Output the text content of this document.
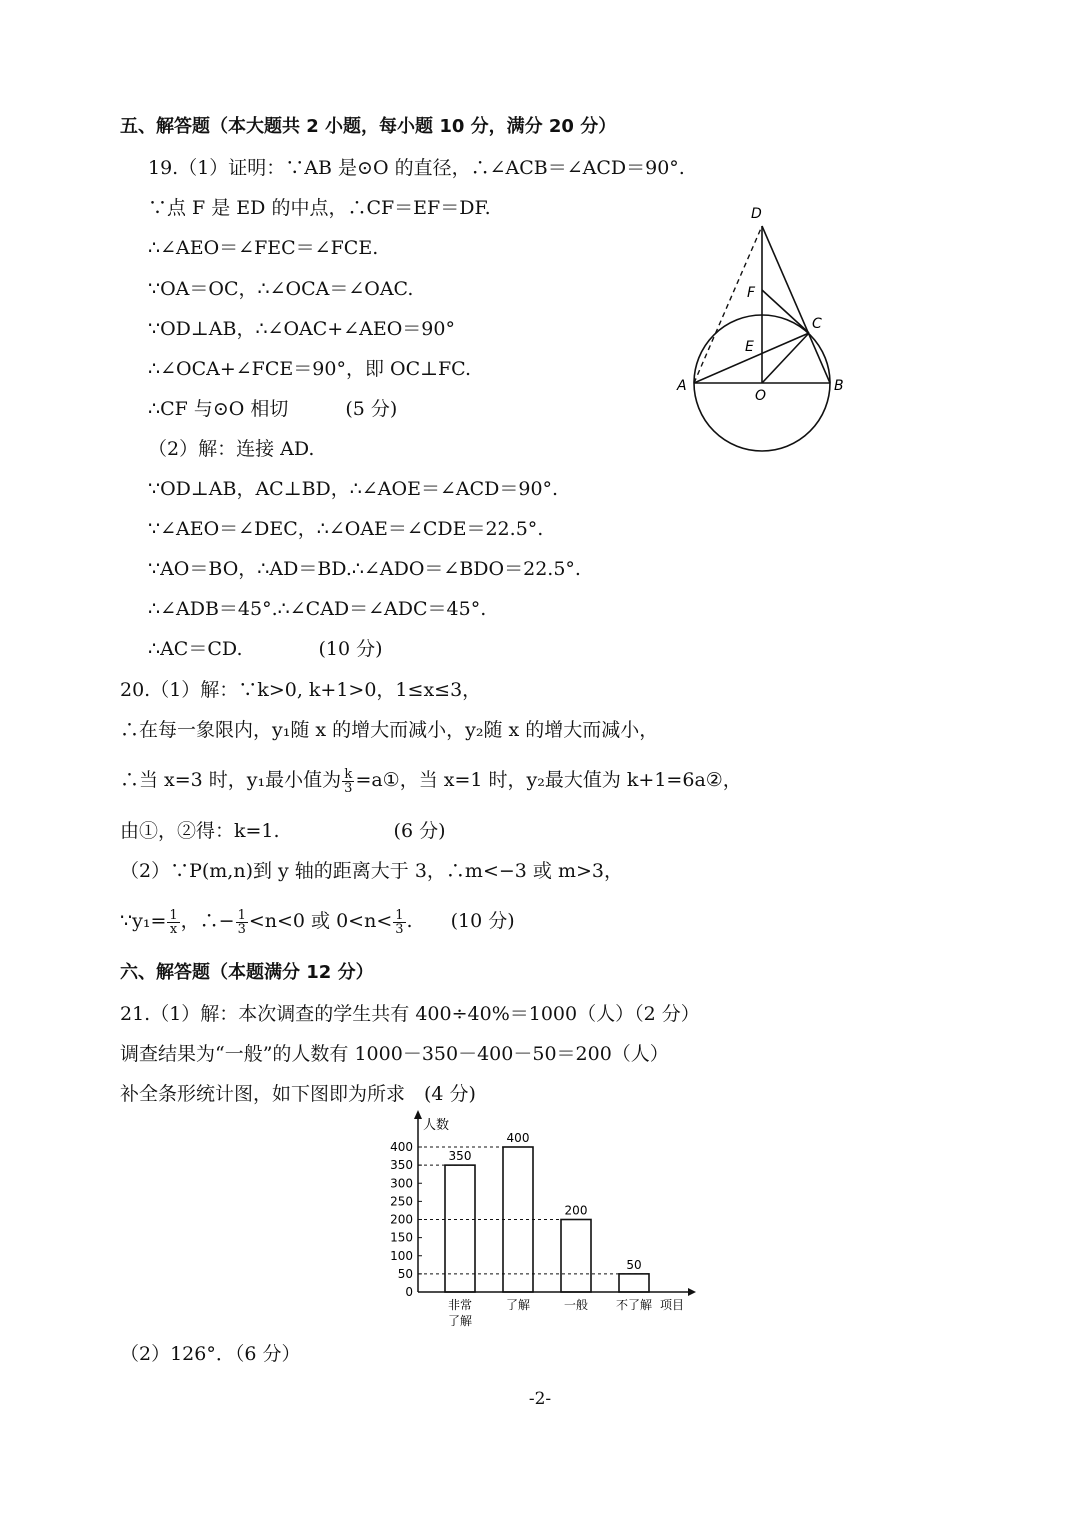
五、解答题（本大题共 2 小题，每小题 10 分，满分 20 分）
19.（1）证明：∵AB 是⊙O 的直径，∴∠ACB＝∠ACD＝90°.
∵点 F 是 ED 的中点，∴CF＝EF＝DF.
∴∠AEO＝∠FEC＝∠FCE.
∵OA＝OC，∴∠OCA＝∠OAC.
∵OD⊥AB，∴∠OAC+∠AEO＝90°
∴∠OCA+∠FCE＝90°，即 OC⊥FC.
∴CF 与⊙O 相切　　　(5 分)
（2）解：连接 AD.
∵OD⊥AB，AC⊥BD，∴∠AOE＝∠ACD＝90°.
∵∠AEO＝∠DEC，∴∠OAE＝∠CDE＝22.5°.
∵AO＝BO，∴AD＝BD.∴∠ADO＝∠BDO＝22.5°.
∴∠ADB＝45°.∴∠CAD＝∠ADC＝45°.
∴AC＝CD.　　　　(10 分)
D
F
C
E
A
O
B
20.（1）解：∵k>0, k+1>0，1≤x≤3，
∴在每一象限内，y₁随 x 的增大而减小，y₂随 x 的增大而减小，
∴当 x=3 时，y₁最小值为 $\frac{k}{3}$ =a①，当 x=1 时，y₂最大值为 k+1=6a②，
由①，②得：k=1.　　　　　　(6 分)
（2）∵P(m,n)到 y 轴的距离大于 3，∴m<−3 或 m>3，
∵y₁= $\frac{1}{x}$ ，∴− $\frac{1}{3} <n<0$ 或 $0<n< \frac{1}{3}$ .　　(10 分)
六、解答题（本题满分 12 分）
21.（1）解：本次调查的学生共有 400÷40%＝1000（人）（2 分）
调查结果为“一般”的人数有 1000－350－400－50＝200（人）
补全条形统计图，如下图即为所求　(4 分)
（2）126°．（6 分）
人数
项目
0
50
100
150
200
250
300
350
400
350
非常
了解
400
了解
200
一般
50
不了解
-2-
